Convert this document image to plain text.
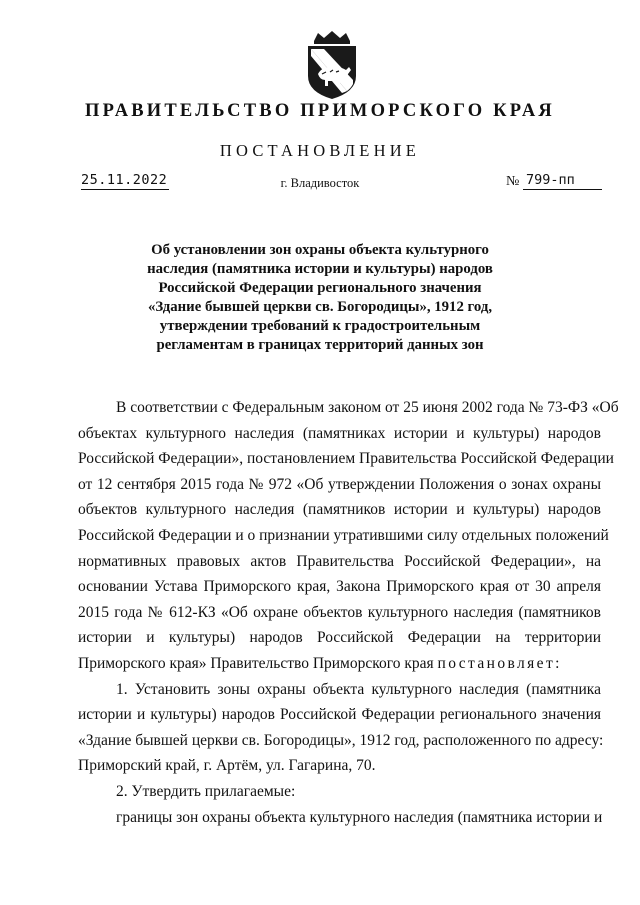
ПРАВИТЕЛЬСТВО ПРИМОРСКОГО КРАЯ
ПОСТАНОВЛЕНИЕ
25.11.2022	г. Владивосток	№ 799-пп
Об установлении зон охраны объекта культурного
наследия (памятника истории и культуры) народов
Российской Федерации регионального значения
«Здание бывшей церкви св. Богородицы», 1912 год,
утверждении требований к градостроительным
регламентам в границах территорий данных зон
В соответствии с Федеральным законом от 25 июня 2002 года № 73-ФЗ «Об
объектах культурного наследия (памятниках истории и культуры) народов
Российской Федерации», постановлением Правительства Российской Федерации
от 12 сентября 2015 года № 972 «Об утверждении Положения о зонах охраны
объектов культурного наследия (памятников истории и культуры) народов
Российской Федерации и о признании утратившими силу отдельных положений
нормативных правовых актов Правительства Российской Федерации», на
основании Устава Приморского края, Закона Приморского края от 30 апреля
2015 года № 612-КЗ «Об охране объектов культурного наследия (памятников
истории и культуры) народов Российской Федерации на территории
Приморского края» Правительство Приморского края постановляет:
1. Установить зоны охраны объекта культурного наследия (памятника
истории и культуры) народов Российской Федерации регионального значения
«Здание бывшей церкви св. Богородицы», 1912 год, расположенного по адресу:
Приморский край, г. Артём, ул. Гагарина, 70.
2. Утвердить прилагаемые:
границы зон охраны объекта культурного наследия (памятника истории и
